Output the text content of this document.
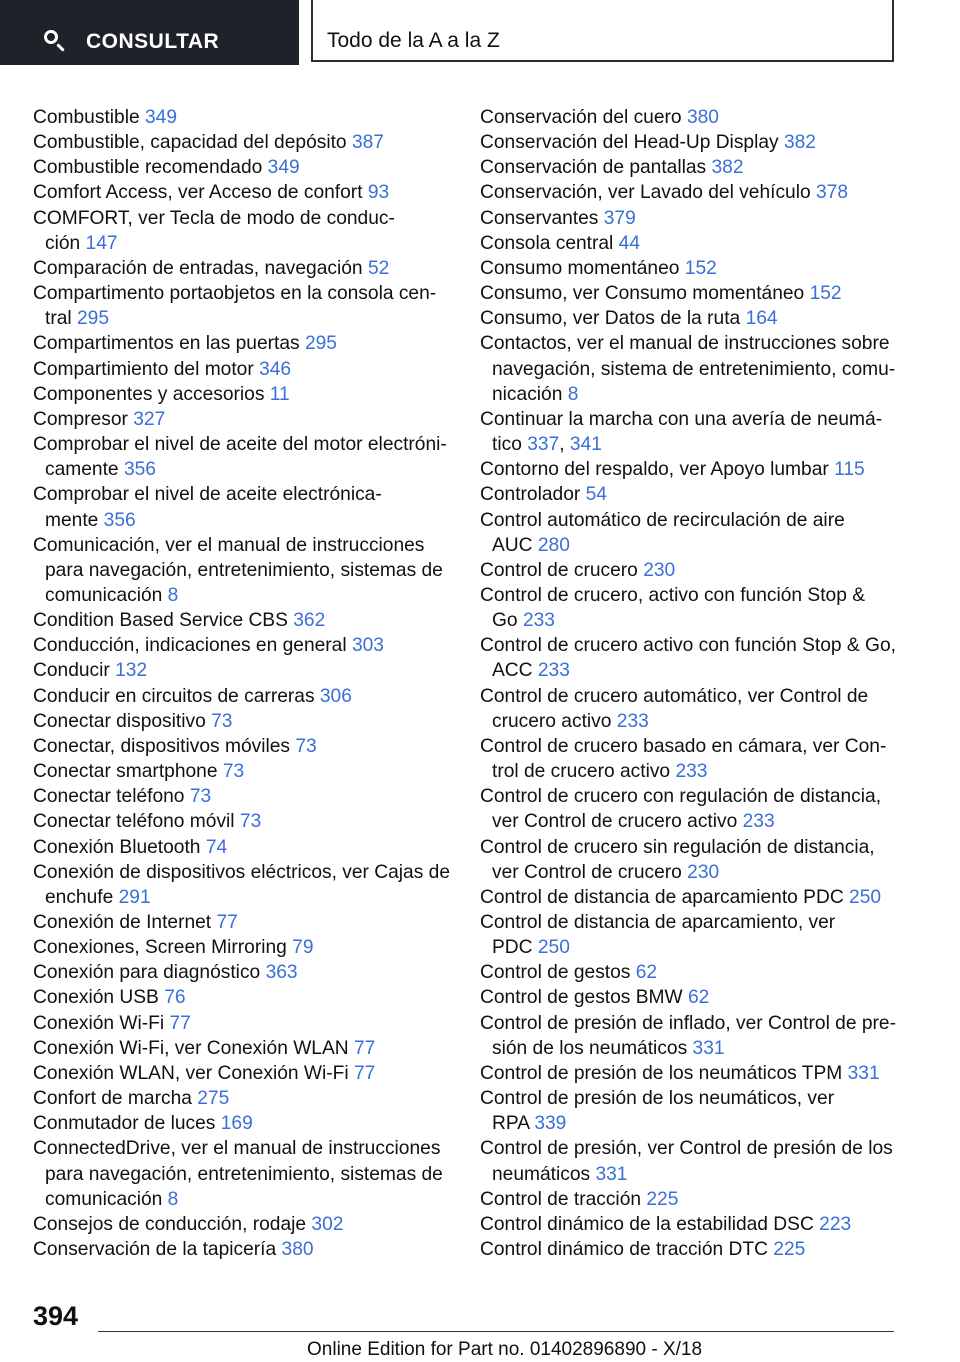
CONSULTAR	Todo de la A a la Z
Combustible 349
Combustible, capacidad del depósito 387
Combustible recomendado 349
Comfort Access, ver Acceso de confort 93
COMFORT, ver Tecla de modo de conduc-
ción 147
Comparación de entradas, navegación 52
Compartimento portaobjetos en la consola cen-
tral 295
Compartimentos en las puertas 295
Compartimiento del motor 346
Componentes y accesorios 11
Compresor 327
Comprobar el nivel de aceite del motor electróni-
camente 356
Comprobar el nivel de aceite electrónica-
mente 356
Comunicación, ver el manual de instrucciones
para navegación, entretenimiento, sistemas de
comunicación 8
Condition Based Service CBS 362
Conducción, indicaciones en general 303
Conducir 132
Conducir en circuitos de carreras 306
Conectar dispositivo 73
Conectar, dispositivos móviles 73
Conectar smartphone 73
Conectar teléfono 73
Conectar teléfono móvil 73
Conexión Bluetooth 74
Conexión de dispositivos eléctricos, ver Cajas de
enchufe 291
Conexión de Internet 77
Conexiones, Screen Mirroring 79
Conexión para diagnóstico 363
Conexión USB 76
Conexión Wi-Fi 77
Conexión Wi-Fi, ver Conexión WLAN 77
Conexión WLAN, ver Conexión Wi-Fi 77
Confort de marcha 275
Conmutador de luces 169
ConnectedDrive, ver el manual de instrucciones
para navegación, entretenimiento, sistemas de
comunicación 8
Consejos de conducción, rodaje 302
Conservación de la tapicería 380
Conservación del cuero 380
Conservación del Head-Up Display 382
Conservación de pantallas 382
Conservación, ver Lavado del vehículo 378
Conservantes 379
Consola central 44
Consumo momentáneo 152
Consumo, ver Consumo momentáneo 152
Consumo, ver Datos de la ruta 164
Contactos, ver el manual de instrucciones sobre
navegación, sistema de entretenimiento, comu-
nicación 8
Continuar la marcha con una avería de neumá-
tico 337, 341
Contorno del respaldo, ver Apoyo lumbar 115
Controlador 54
Control automático de recirculación de aire
AUC 280
Control de crucero 230
Control de crucero, activo con función Stop &
Go 233
Control de crucero activo con función Stop & Go,
ACC 233
Control de crucero automático, ver Control de
crucero activo 233
Control de crucero basado en cámara, ver Con-
trol de crucero activo 233
Control de crucero con regulación de distancia,
ver Control de crucero activo 233
Control de crucero sin regulación de distancia,
ver Control de crucero 230
Control de distancia de aparcamiento PDC 250
Control de distancia de aparcamiento, ver
PDC 250
Control de gestos 62
Control de gestos BMW 62
Control de presión de inflado, ver Control de pre-
sión de los neumáticos 331
Control de presión de los neumáticos TPM 331
Control de presión de los neumáticos, ver
RPA 339
Control de presión, ver Control de presión de los
neumáticos 331
Control de tracción 225
Control dinámico de la estabilidad DSC 223
Control dinámico de tracción DTC 225
394
Online Edition for Part no. 01402896890 - X/18
